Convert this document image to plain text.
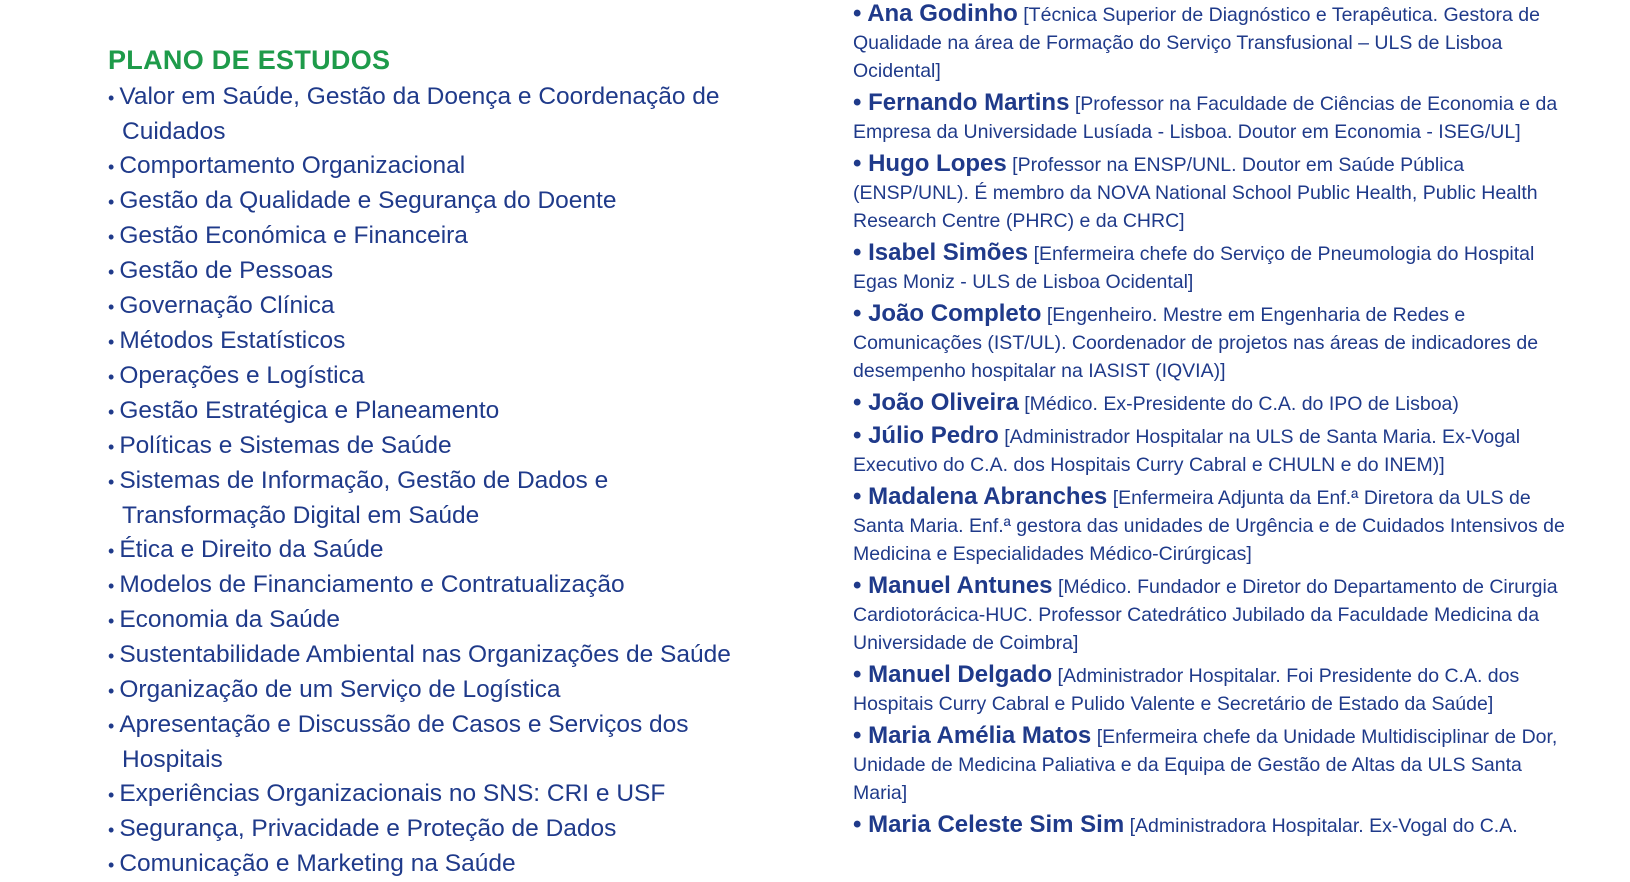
PLANO DE ESTUDOS
• Valor em Saúde, Gestão da Doença e Coordenação de Cuidados
• Comportamento Organizacional
• Gestão da Qualidade e Segurança do Doente
• Gestão Económica e Financeira
• Gestão de Pessoas
• Governação Clínica
• Métodos Estatísticos
• Operações e Logística
• Gestão Estratégica e Planeamento
• Políticas e Sistemas de Saúde
• Sistemas de Informação, Gestão de Dados e Transformação Digital em Saúde
• Ética e Direito da Saúde
• Modelos de Financiamento e Contratualização
• Economia da Saúde
• Sustentabilidade Ambiental nas Organizações de Saúde
• Organização de um Serviço de Logística
• Apresentação e Discussão de Casos e Serviços dos Hospitais
• Experiências Organizacionais no SNS: CRI e USF
• Segurança, Privacidade e Proteção de Dados
• Comunicação e Marketing na Saúde
• Ana Godinho [Técnica Superior de Diagnóstico e Terapêutica. Gestora de Qualidade na área de Formação do Serviço Transfusional – ULS de Lisboa Ocidental]
• Fernando Martins [Professor na Faculdade de Ciências de Economia e da Empresa da Universidade Lusíada - Lisboa. Doutor em Economia - ISEG/UL]
• Hugo Lopes [Professor na ENSP/UNL. Doutor em Saúde Pública (ENSP/UNL). É membro da NOVA National School Public Health, Public Health Research Centre (PHRC) e da CHRC]
• Isabel Simões [Enfermeira chefe do Serviço de Pneumologia do Hospital Egas Moniz - ULS de Lisboa Ocidental]
• João Completo [Engenheiro. Mestre em Engenharia de Redes e Comunicações (IST/UL). Coordenador de projetos nas áreas de indicadores de desempenho hospitalar na IASIST (IQVIA)]
• João Oliveira [Médico. Ex-Presidente do C.A. do IPO de Lisboa)
• Júlio Pedro [Administrador Hospitalar na ULS de Santa Maria. Ex-Vogal Executivo do C.A. dos Hospitais Curry Cabral e CHULN e do INEM)]
• Madalena Abranches [Enfermeira Adjunta da Enf.ª Diretora da ULS de Santa Maria. Enf.ª gestora das unidades de Urgência e de Cuidados Intensivos de Medicina e Especialidades Médico-Cirúrgicas]
• Manuel Antunes [Médico. Fundador e Diretor do Departamento de Cirurgia Cardiotorácica-HUC. Professor Catedrático Jubilado da Faculdade Medicina da Universidade de Coimbra]
• Manuel Delgado [Administrador Hospitalar. Foi Presidente do C.A. dos Hospitais Curry Cabral e Pulido Valente e Secretário de Estado da Saúde]
• Maria Amélia Matos [Enfermeira chefe da Unidade Multidisciplinar de Dor, Unidade de Medicina Paliativa e da Equipa de Gestão de Altas da ULS Santa Maria]
• Maria Celeste Sim Sim [Administradora Hospitalar. Ex-Vogal do C.A.
